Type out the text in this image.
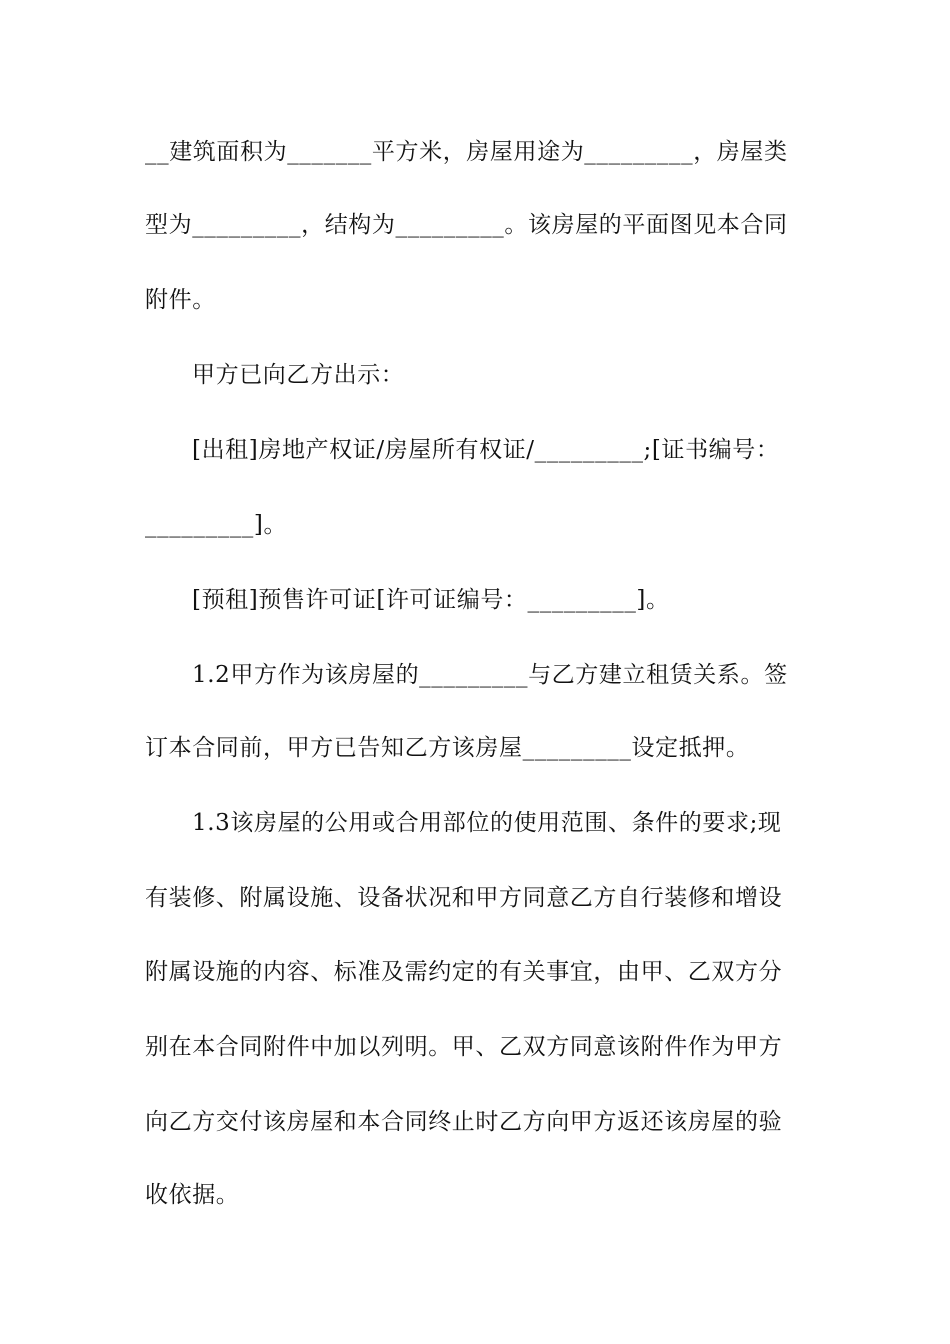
__建筑面积为_______平方米，房屋用途为_________，房屋类
型为_________，结构为_________。该房屋的平面图见本合同
附件。
甲方已向乙方出示：
[出租]房地产权证/房屋所有权证/_________;[证书编号：
_________]。
[预租]预售许可证[许可证编号：_________]。
1.2甲方作为该房屋的_________与乙方建立租赁关系。签
订本合同前，甲方已告知乙方该房屋_________设定抵押。
1.3该房屋的公用或合用部位的使用范围、条件的要求;现
有装修、附属设施、设备状况和甲方同意乙方自行装修和增设
附属设施的内容、标准及需约定的有关事宜，由甲、乙双方分
别在本合同附件中加以列明。甲、乙双方同意该附件作为甲方
向乙方交付该房屋和本合同终止时乙方向甲方返还该房屋的验
收依据。
